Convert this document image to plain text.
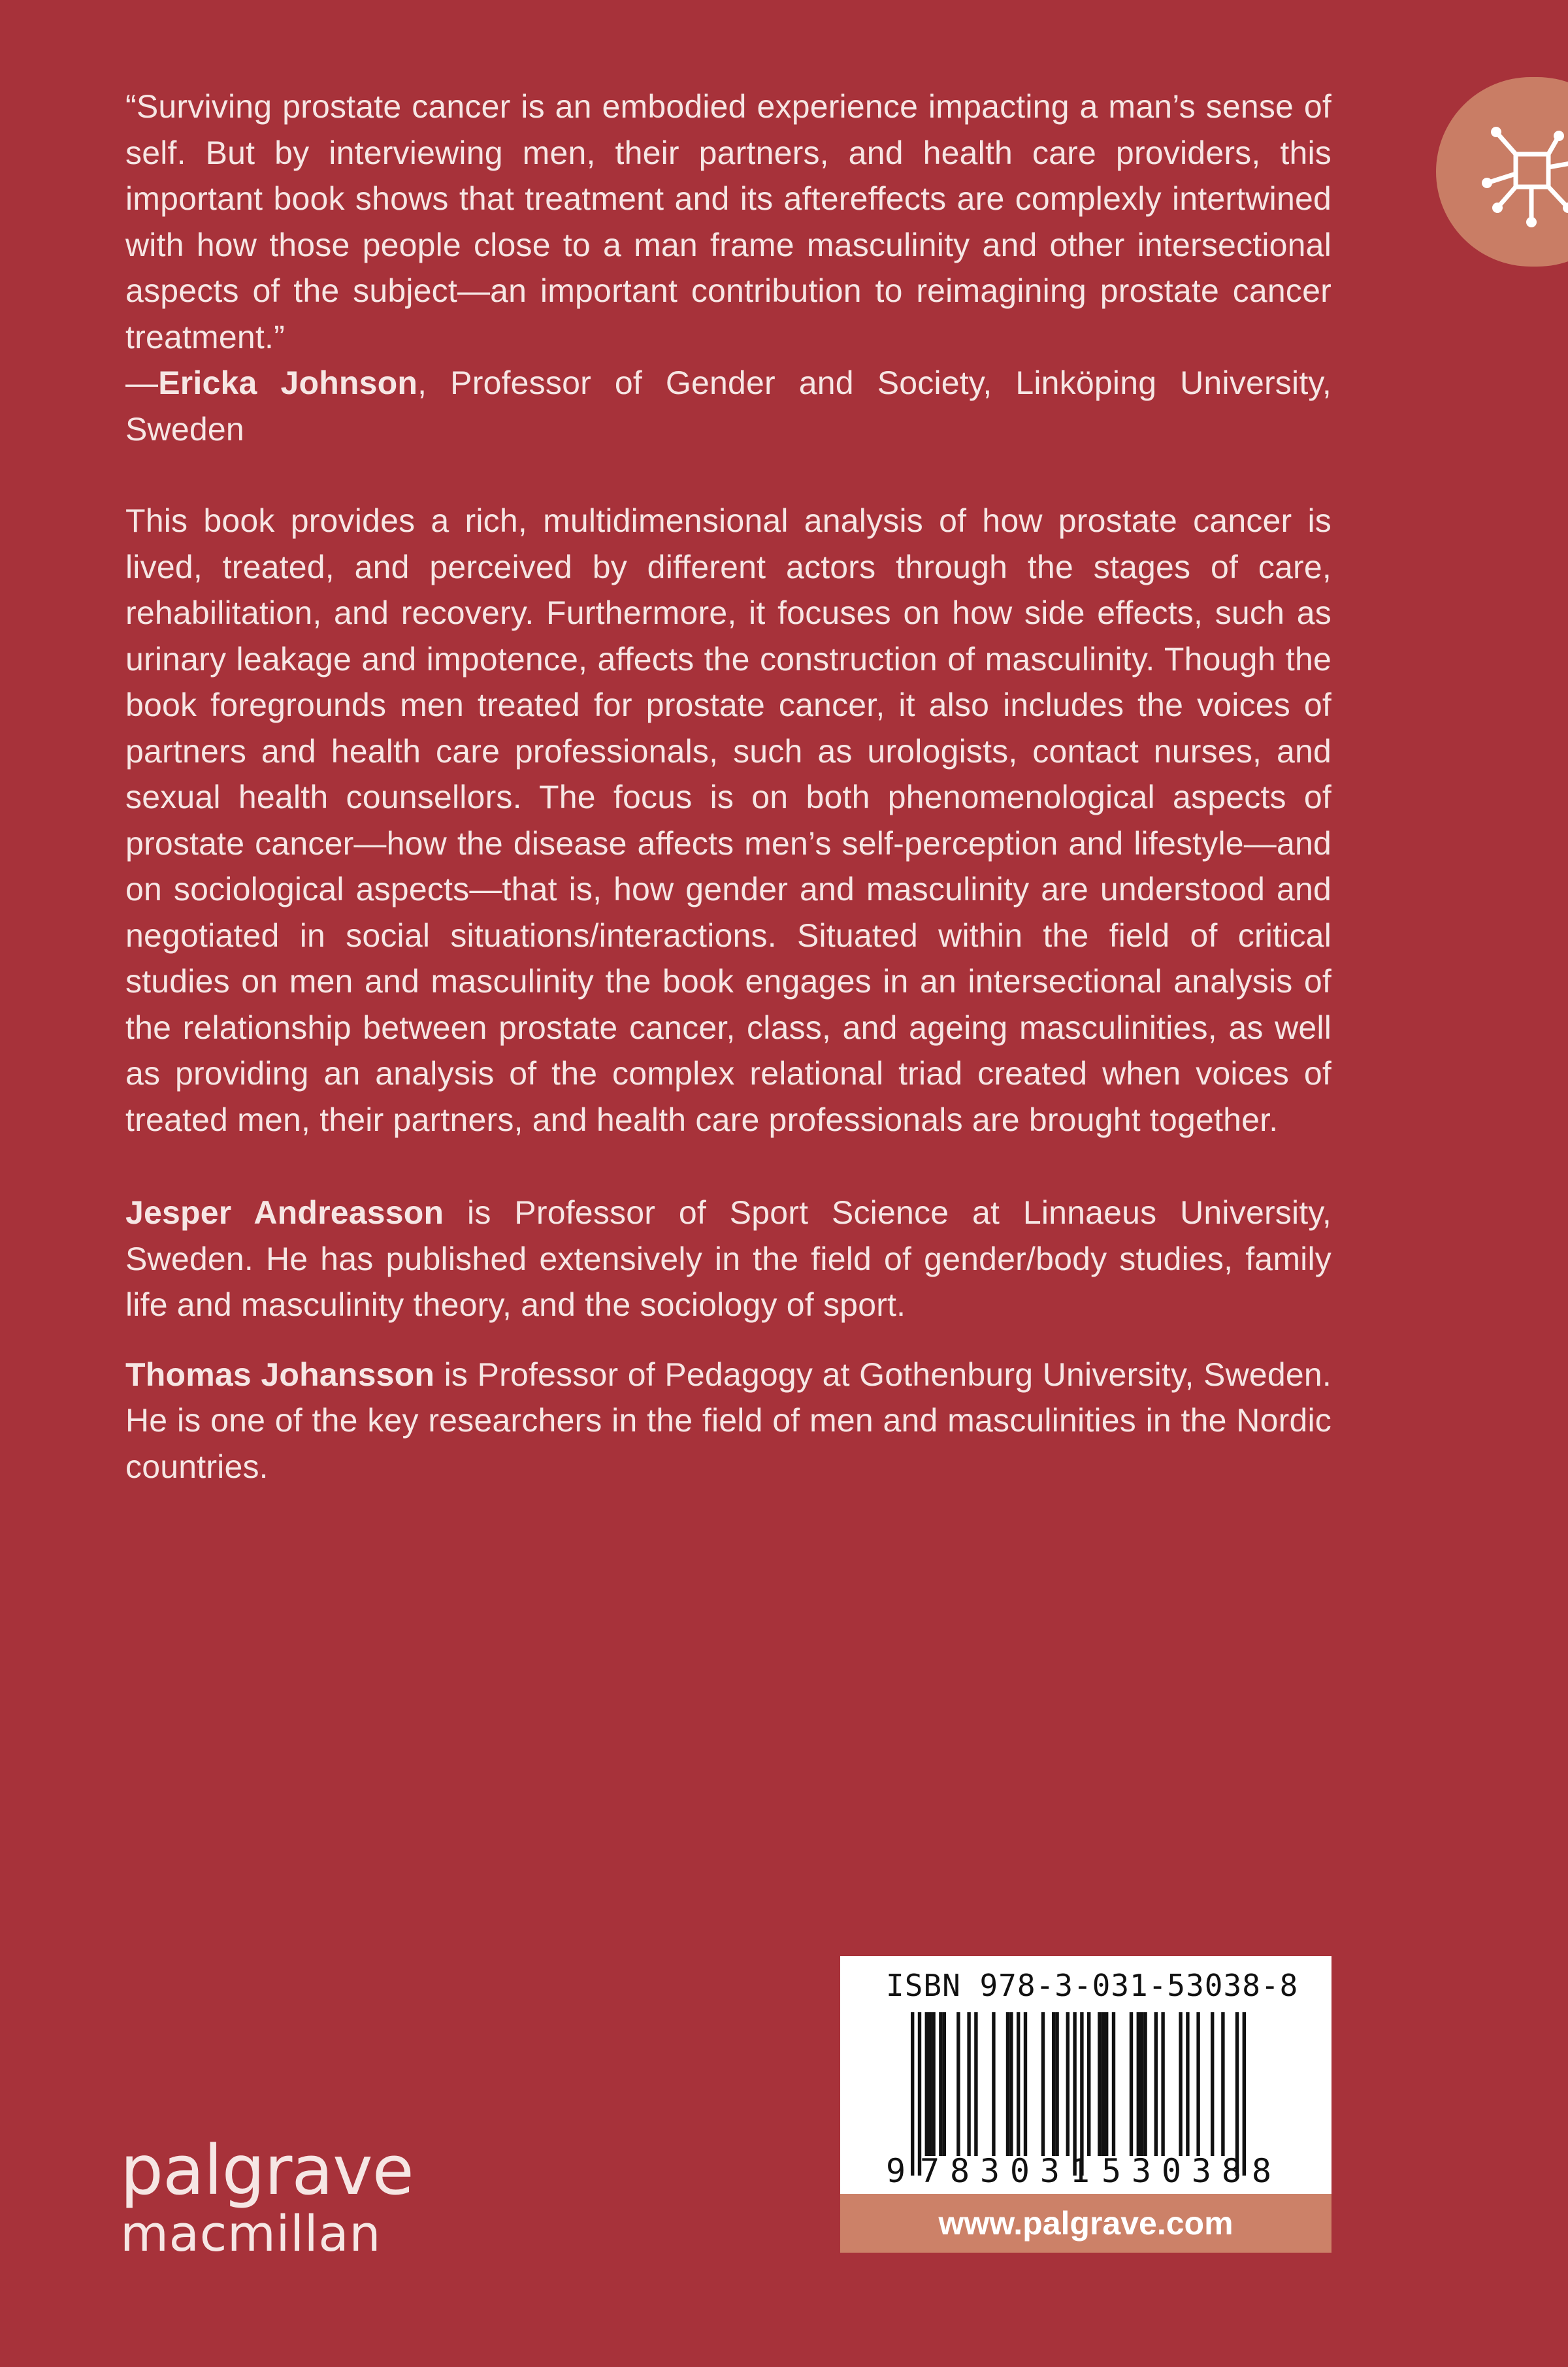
“Surviving prostate cancer is an embodied experience impacting a man’s sense of self. But by interviewing men, their partners, and health care providers, this important book shows that treatment and its aftereffects are complexly intertwined with how those people close to a man frame masculinity and other intersectional aspects of the subject—an important contribution to reimagining prostate cancer treatment.”
—Ericka Johnson, Professor of Gender and Society, Linköping University, Sweden

This book provides a rich, multidimensional analysis of how prostate cancer is lived, treated, and perceived by different actors through the stages of care, rehabilitation, and recovery. Furthermore, it focuses on how side effects, such as urinary leakage and impotence, affects the construction of masculinity. Though the book foregrounds men treated for prostate cancer, it also includes the voices of partners and health care professionals, such as urologists, contact nurses, and sexual health counsellors. The focus is on both phenomenological aspects of prostate cancer—how the disease affects men’s self-perception and lifestyle—and on sociological aspects—that is, how gender and masculinity are understood and negotiated in social situations/interactions. Situated within the field of critical studies on men and masculinity the book engages in an intersectional analysis of the relationship between prostate cancer, class, and ageing masculinities, as well as providing an analysis of the complex relational triad created when voices of treated men, their partners, and health care professionals are brought together.

Jesper Andreasson is Professor of Sport Science at Linnaeus University, Sweden. He has published extensively in the field of gender/body studies, family life and masculinity theory, and the sociology of sport.

Thomas Johansson is Professor of Pedagogy at Gothenburg University, Sweden. He is one of the key researchers in the field of men and masculinities in the Nordic countries.

palgrave
macmillan
ISBN 978-3-031-53038-8
9 783031 530388
www.palgrave.com
